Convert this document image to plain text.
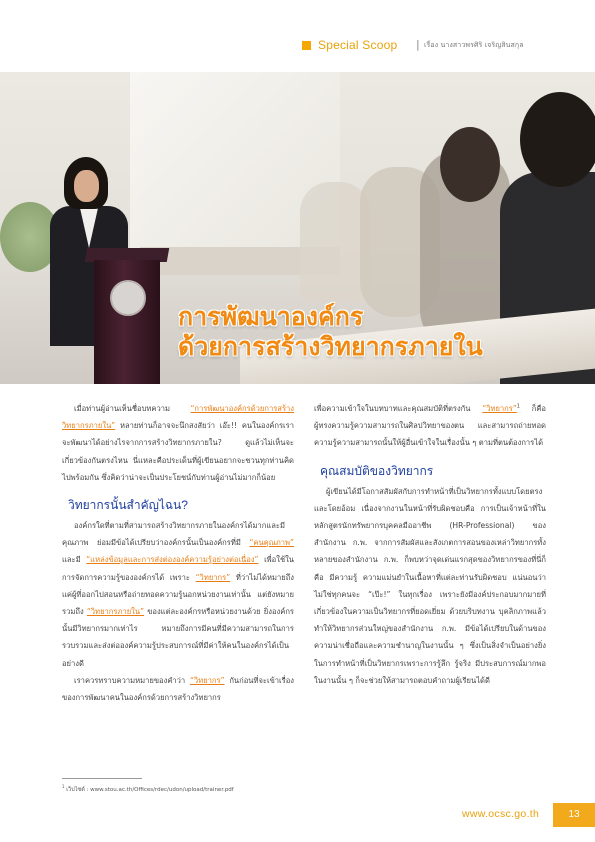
Special Scoop | เรื่อง นางสาวพรศิริ เจริญสินสกุล
การพัฒนาองค์กร
ด้วยการสร้างวิทยากรภายใน

เมื่อท่านผู้อ่านเห็นชื่อบทความ “การพัฒนาองค์กรด้วยการสร้างวิทยากรภายใน” หลายท่านก็อาจจะนึกสงสัยว่า เอ๊ะ!! คนในองค์กรเราจะพัฒนาได้อย่างไรจากการสร้างวิทยากรภายใน? ดูแล้วไม่เห็นจะเกี่ยวข้องกันตรงไหน นี่แหละคือประเด็นที่ผู้เขียนอยากจะชวนทุกท่านคิดไปพร้อมกัน ซึ่งคิดว่าน่าจะเป็นประโยชน์กับท่านผู้อ่านไม่มากก็น้อย

วิทยากรนั้นสำคัญไฉน?

องค์กรใดที่ตามที่สามารถสร้างวิทยากรภายในองค์กรได้มากและมีคุณภาพ ย่อมมีข้อได้เปรียบว่าองค์กรนั้นเป็นองค์กรที่มี “คนคุณภาพ” และมี “แหล่งข้อมูลและการส่งต่ององค์ความรู้อย่างต่อเนื่อง” เพื่อใช้ในการจัดการความรู้ขององค์กรได้ เพราะ “วิทยากร” ที่ว่าไม่ได้หมายถึงแค่ผู้ที่ออกไปสอนหรือถ่ายทอดความรู้นอกหน่วยงานเท่านั้น แต่ยังหมายรวมถึง “วิทยากรภายใน” ของแต่ละองค์กรหรือหน่วยงานด้วย ยิ่งองค์กรนั้นมีวิทยากรมากเท่าไร หมายถึงการมีคนที่มีความสามารถในการรวบรวมและส่งต่อองค์ความรู้ประสบการณ์ที่มีค่าให้คนในองค์กรได้เป็นอย่างดี

เราควรทราบความหมายของคำว่า “วิทยากร” กันก่อนที่จะเข้าเรื่องของการพัฒนาคนในองค์กรด้วยการสร้างวิทยากร

เพื่อความเข้าใจในบทบาทและคุณสมบัติที่ตรงกัน “วิทยากร”$^1$ ก็คือ ผู้ทรงความรู้ความสามารถในศิลปวิทยาของตน และสามารถถ่ายทอดความรู้ความสามารถนั้นให้ผู้อื่นเข้าใจในเรื่องนั้น ๆ ตามที่ตนต้องการได้

คุณสมบัติของวิทยากร

ผู้เขียนได้มีโอกาสสัมผัสกับการทำหน้าที่เป็นวิทยากรทั้งแบบโดยตรงและโดยอ้อม เนื่องจากงานในหน้าที่รับผิดชอบคือ การเป็นเจ้าหน้าที่ในหลักสูตรนักทรัพยากรบุคคลมืออาชีพ (HR-Professional) ของสำนักงาน ก.พ. จากการสัมผัสและสังเกตการสอนของเหล่าวิทยากรทั้งหลายของสำนักงาน ก.พ. ก็พบหว่าจุดเด่นแรกสุดของวิทยากรของที่นี่ก็คือ มีความรู้ ความแม่นยำในเนื้อหาที่แต่ละท่านรับผิดชอบ แน่นอนว่าไม่ใช่ทุกคนจะ “เป๊ะ!” ในทุกเรื่อง เพราะยังมีองค์ประกอบมากมายที่เกี่ยวข้องในความเป็นวิทยากรที่ยอดเยี่ยม ด้วยบริบทงาน บุคลิกภาพแล้วทำให้วิทยากรส่วนใหญ่ของสำนักงาน ก.พ. มีข้อได้เปรียบในด้านของความน่าเชื่อถือและความชำนาญในงานนั้น ๆ ซึ่งเป็นสิ่งจำเป็นอย่างยิ่งในการทำหน้าที่เป็นวิทยากรเพราะการรู้ลึก รู้จริง มีประสบการณ์มากพอในงานนั้น ๆ ก็จะช่วยให้สามารถตอบคำถามผู้เรียนได้ดี

$^1$ เว็บไซต์ : www.stou.ac.th/Offices/rdec/udon/upload/trainer.pdf
www.ocsc.go.th	13
